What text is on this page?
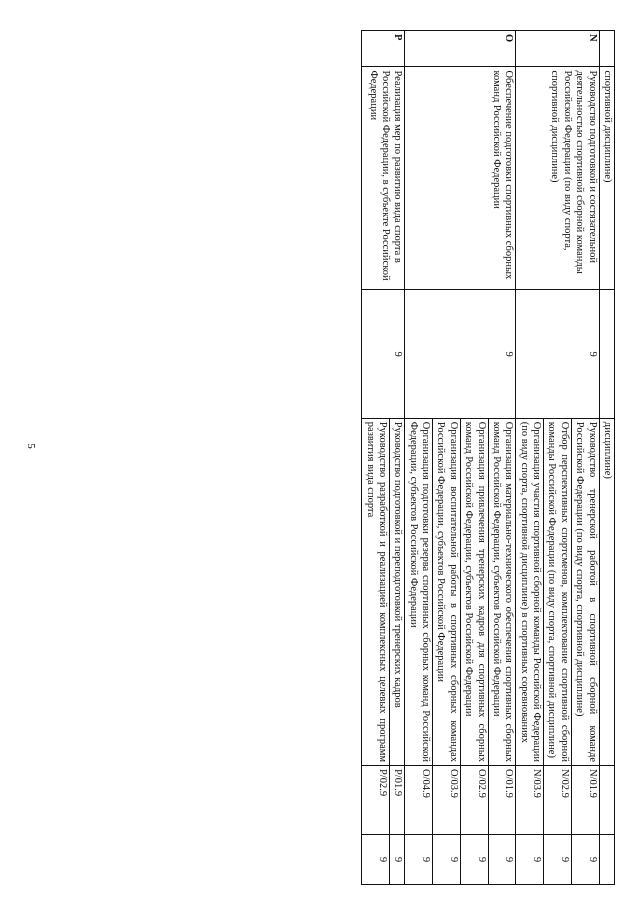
5
	спортивной дисциплине)		дисциплине)		
N	Руководство подготовкой и состязательной деятельностью спортивной сборной команды Российской Федерации (по виду спорта, спортивной дисциплине)	9	Руководство тренерской работой в спортивной сборной команде Российской Федерации (по виду спорта, спортивной дисциплине)	N/01.9	9
			Отбор перспективных спортсменов, комплектование спортивной сборной команды Российской Федерации (по виду спорта, спортивной дисциплине)	N/02.9	9
			Организация участия спортивной сборной команды Российской Федерации (по виду спорта, спортивной дисциплине) в спортивных соревнованиях	N/03.9	9
O	Обеспечение подготовки спортивных сборных команд Российской Федерации	9	Организация материально-технического обеспечения спортивных сборных команд Российской Федерации, субъектов Российской Федерации	O/01.9	9
			Организация привлечения тренерских кадров для спортивных сборных команд Российской Федерации, субъектов Российской Федерации	O/02.9	9
			Организация воспитательной работы в спортивных сборных командах Российской Федерации, субъектов Российской Федерации	O/03.9	9
			Организация подготовки резерва спортивных сборных команд Российской Федерации, субъектов Российской Федерации	O/04.9	9
P	Реализация мер по развитию вида спорта в Российской Федерации, в субъекте Российской Федерации	9	Руководство подготовкой и переподготовкой тренерских кадров	P/01.9	9
			Руководство разработкой и реализацией комплексных целевых программ развития вида спорта	P/02.9	9
